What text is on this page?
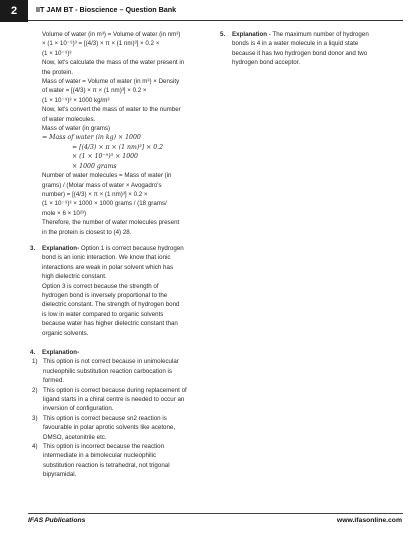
2	IIT JAM BT - Bioscience – Question Bank
Volume of water (in m³) = Volume of water (in nm³)
× (1 × 10⁻⁹)³ = [(4/3) × π × (1 nm)³] × 0.2 ×
(1 × 10⁻⁹)³
Now, let's calculate the mass of the water present in
the protein.
Mass of water = Volume of water (in m³) × Density
of water = [(4/3) × π × (1 nm)³] × 0.2 ×
(1 × 10⁻⁹)³ × 1000 kg/m³
Now, let's convert the mass of water to the number
of water molecules.
Mass of water (in grams)
= Mass of water (in kg) × 1000
= [(4/3) × π × (1 nm)³] × 0.2
× (1 × 10⁻⁹)³ × 1000
× 1000 grams
Number of water molecules = Mass of water (in
grams) / (Molar mass of water × Avogadro's
number) = [(4/3) × π × (1 nm)³] × 0.2 ×
(1 × 10⁻⁹)³ × 1000 × 1000 grams / (18 grams/
mole × 6 × 10²³)
Therefore, the number of water molecules present
in the protein is closest to (4) 28.
3. Explanation- Option 1 is correct because hydrogen
bond is an ionic interaction. We know that ionic
interactions are weak in polar solvent which has
high dielectric constant.
Option 3 is correct because the strength of
hydrogen bond is inversely proportional to the
dielectric constant. The strength of hydrogen bond
is low in water compared to organic solvents
because water has higher dielectric constant than
organic solvents.
4. Explanation-
1) This option is not correct because in unimolecular
nucleophilic substitution reaction carbocation is
formed.
2) This option is correct because during replacement of
ligand starts in a chiral centre is needed to occur an
inversion of configuration.
3) This option is correct because sn2 reaction is
favourable in polar aprotic solvents like acetone,
DMSO, acetonitrile etc.
4) This option is incorrect because the reaction
intermediate in a bimolecular nucleophilic
substitution reaction is tetrahedral, not trigonal
bipyramidal.
5. Explanation - The maximum number of hydrogen
bonds is 4 in a water molecule in a liquid state
because it has two hydrogen bond donor and two
hydrogen bond acceptor.
IFAS Publications	www.ifasonline.com
